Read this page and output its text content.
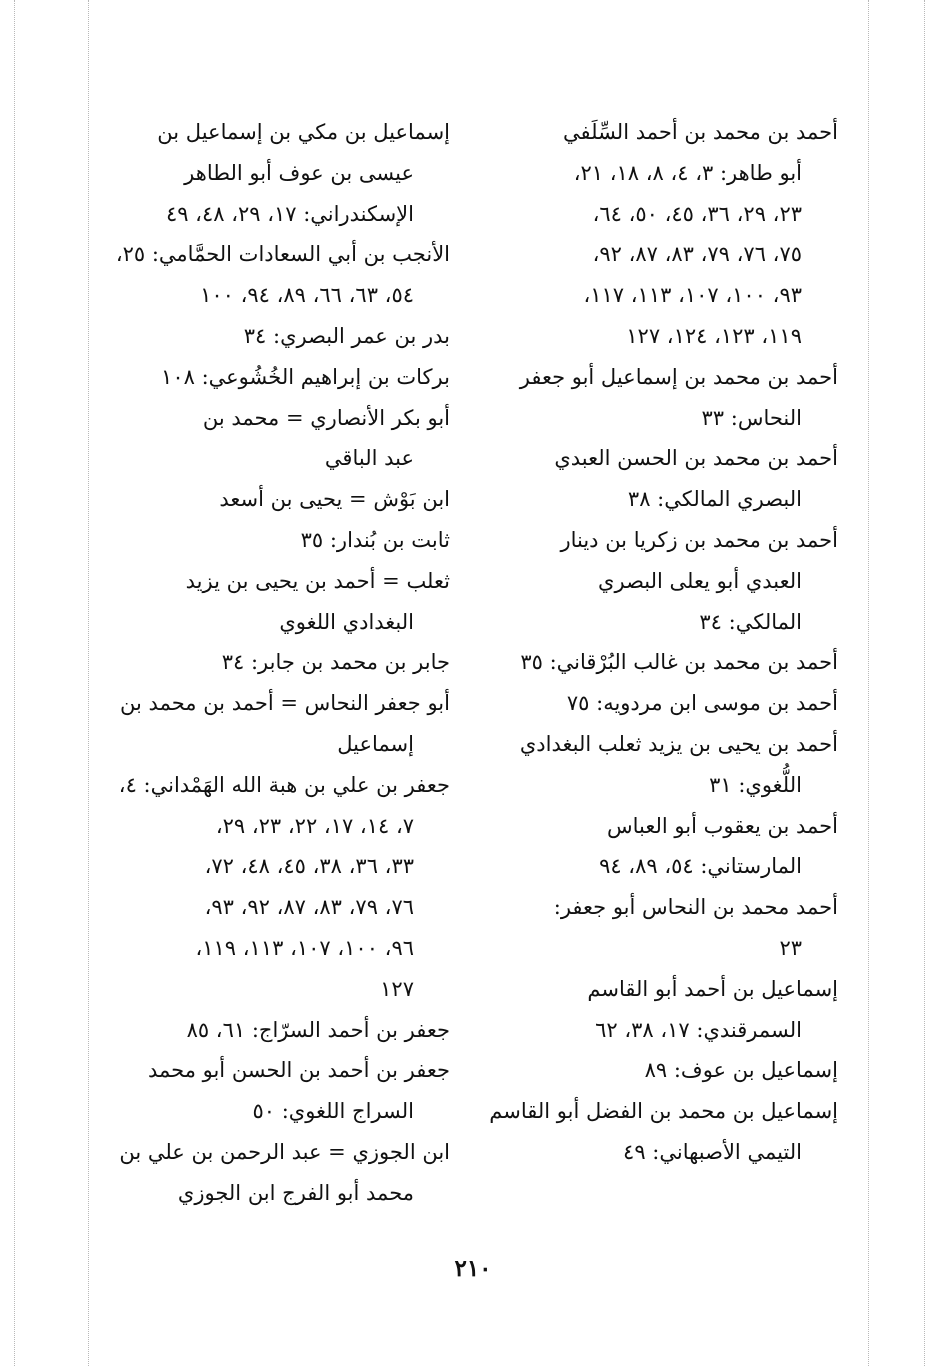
أحمد بن محمد بن أحمد السِّلَفي
أبو طاهر: ٣، ٤، ٨، ١٨، ٢١،
٢٣، ٢٩، ٣٦، ٤٥، ٥٠، ٦٤،
٧٥، ٧٦، ٧٩، ٨٣، ٨٧، ٩٢،
٩٣، ١٠٠، ١٠٧، ١١٣، ١١٧،
١١٩، ١٢٣، ١٢٤، ١٢٧
أحمد بن محمد بن إسماعيل أبو جعفر
النحاس: ٣٣
أحمد بن محمد بن الحسن العبدي
البصري المالكي: ٣٨
أحمد بن محمد بن زكريا بن دينار
العبدي أبو يعلى البصري
المالكي: ٣٤
أحمد بن محمد بن غالب البُرْقاني: ٣٥
أحمد بن موسى ابن مردويه: ٧٥
أحمد بن يحيى بن يزيد ثعلب البغدادي
اللُّغوي: ٣١
أحمد بن يعقوب أبو العباس
المارستاني: ٥٤، ٨٩، ٩٤
أحمد محمد بن النحاس أبو جعفر:
٢٣
إسماعيل بن أحمد أبو القاسم
السمرقندي: ١٧، ٣٨، ٦٢
إسماعيل بن عوف: ٨٩
إسماعيل بن محمد بن الفضل أبو القاسم
التيمي الأصبهاني: ٤٩
إسماعيل بن مكي بن إسماعيل بن
عيسى بن عوف أبو الطاهر
الإسكندراني: ١٧، ٢٩، ٤٨، ٤٩
الأنجب بن أبي السعادات الحمَّامي: ٢٥،
٥٤، ٦٣، ٦٦، ٨٩، ٩٤، ١٠٠
بدر بن عمر البصري: ٣٤
بركات بن إبراهيم الخُشُوعي: ١٠٨
أبو بكر الأنصاري = محمد بن
عبد الباقي
ابن بَوْش = يحيى بن أسعد
ثابت بن بُندار: ٣٥
ثعلب = أحمد بن يحيى بن يزيد
البغدادي اللغوي
جابر بن محمد بن جابر: ٣٤
أبو جعفر النحاس = أحمد بن محمد بن
إسماعيل
جعفر بن علي بن هبة الله الهَمْداني: ٤،
٧، ١٤، ١٧، ٢٢، ٢٣، ٢٩،
٣٣، ٣٦، ٣٨، ٤٥، ٤٨، ٧٢،
٧٦، ٧٩، ٨٣، ٨٧، ٩٢، ٩٣،
٩٦، ١٠٠، ١٠٧، ١١٣، ١١٩،
١٢٧
جعفر بن أحمد السرّاج: ٦١، ٨٥
جعفر بن أحمد بن الحسن أبو محمد
السراج اللغوي: ٥٠
ابن الجوزي = عبد الرحمن بن علي بن
محمد أبو الفرج ابن الجوزي
٢١٠
